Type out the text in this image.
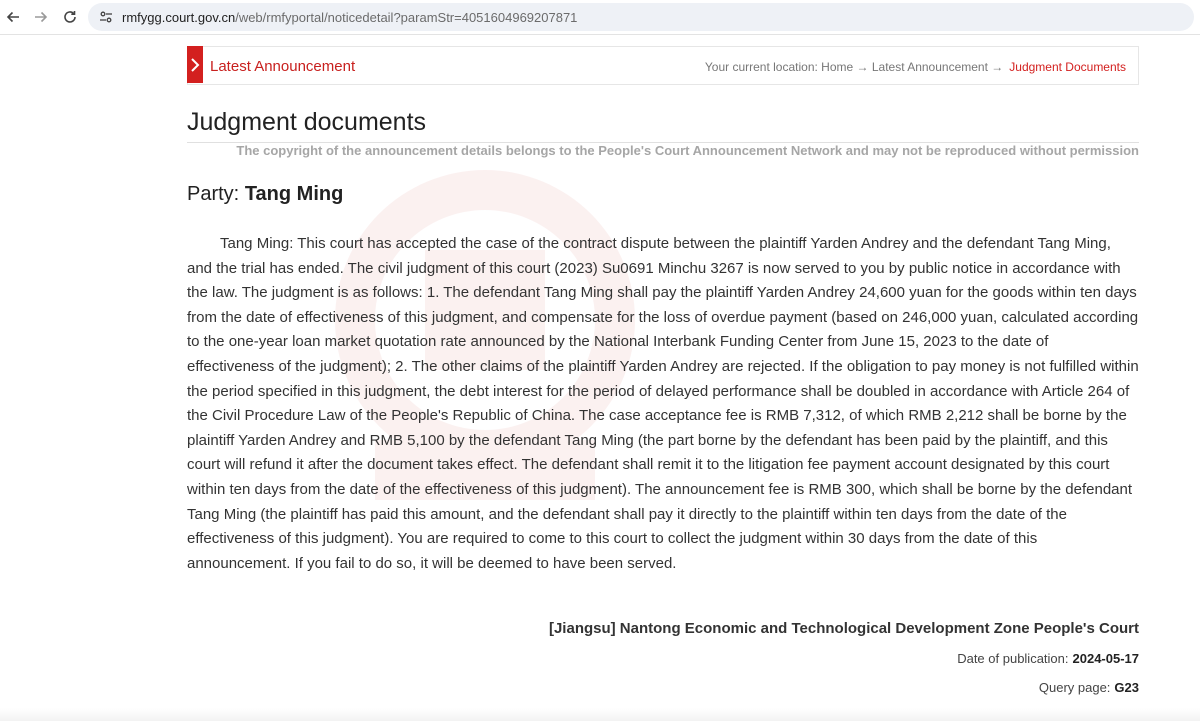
rmfygg.court.gov.cn/web/rmfyportal/noticedetail?paramStr=4051604969207871
Latest Announcement	Your current location: Home → Latest Announcement → Judgment Documents
Judgment documents
The copyright of the announcement details belongs to the People's Court Announcement Network and may not be reproduced without permission
Party: Tang Ming

Tang Ming: This court has accepted the case of the contract dispute between the plaintiff Yarden Andrey and the defendant Tang Ming, and the trial has ended. The civil judgment of this court (2023) Su0691 Minchu 3267 is now served to you by public notice in accordance with the law. The judgment is as follows: 1. The defendant Tang Ming shall pay the plaintiff Yarden Andrey 24,600 yuan for the goods within ten days from the date of effectiveness of this judgment, and compensate for the loss of overdue payment (based on 246,000 yuan, calculated according to the one-year loan market quotation rate announced by the National Interbank Funding Center from June 15, 2023 to the date of effectiveness of the judgment); 2. The other claims of the plaintiff Yarden Andrey are rejected. If the obligation to pay money is not fulfilled within the period specified in this judgment, the debt interest for the period of delayed performance shall be doubled in accordance with Article 264 of the Civil Procedure Law of the People's Republic of China. The case acceptance fee is RMB 7,312, of which RMB 2,212 shall be borne by the plaintiff Yarden Andrey and RMB 5,100 by the defendant Tang Ming (the part borne by the defendant has been paid by the plaintiff, and this court will refund it after the document takes effect. The defendant shall remit it to the litigation fee payment account designated by this court within ten days from the date of the effectiveness of this judgment). The announcement fee is RMB 300, which shall be borne by the defendant Tang Ming (the plaintiff has paid this amount, and the defendant shall pay it directly to the plaintiff within ten days from the date of the effectiveness of this judgment). You are required to come to this court to collect the judgment within 30 days from the date of this announcement. If you fail to do so, it will be deemed to have been served.

[Jiangsu] Nantong Economic and Technological Development Zone People's Court
Date of publication: 2024-05-17
Query page: G23
